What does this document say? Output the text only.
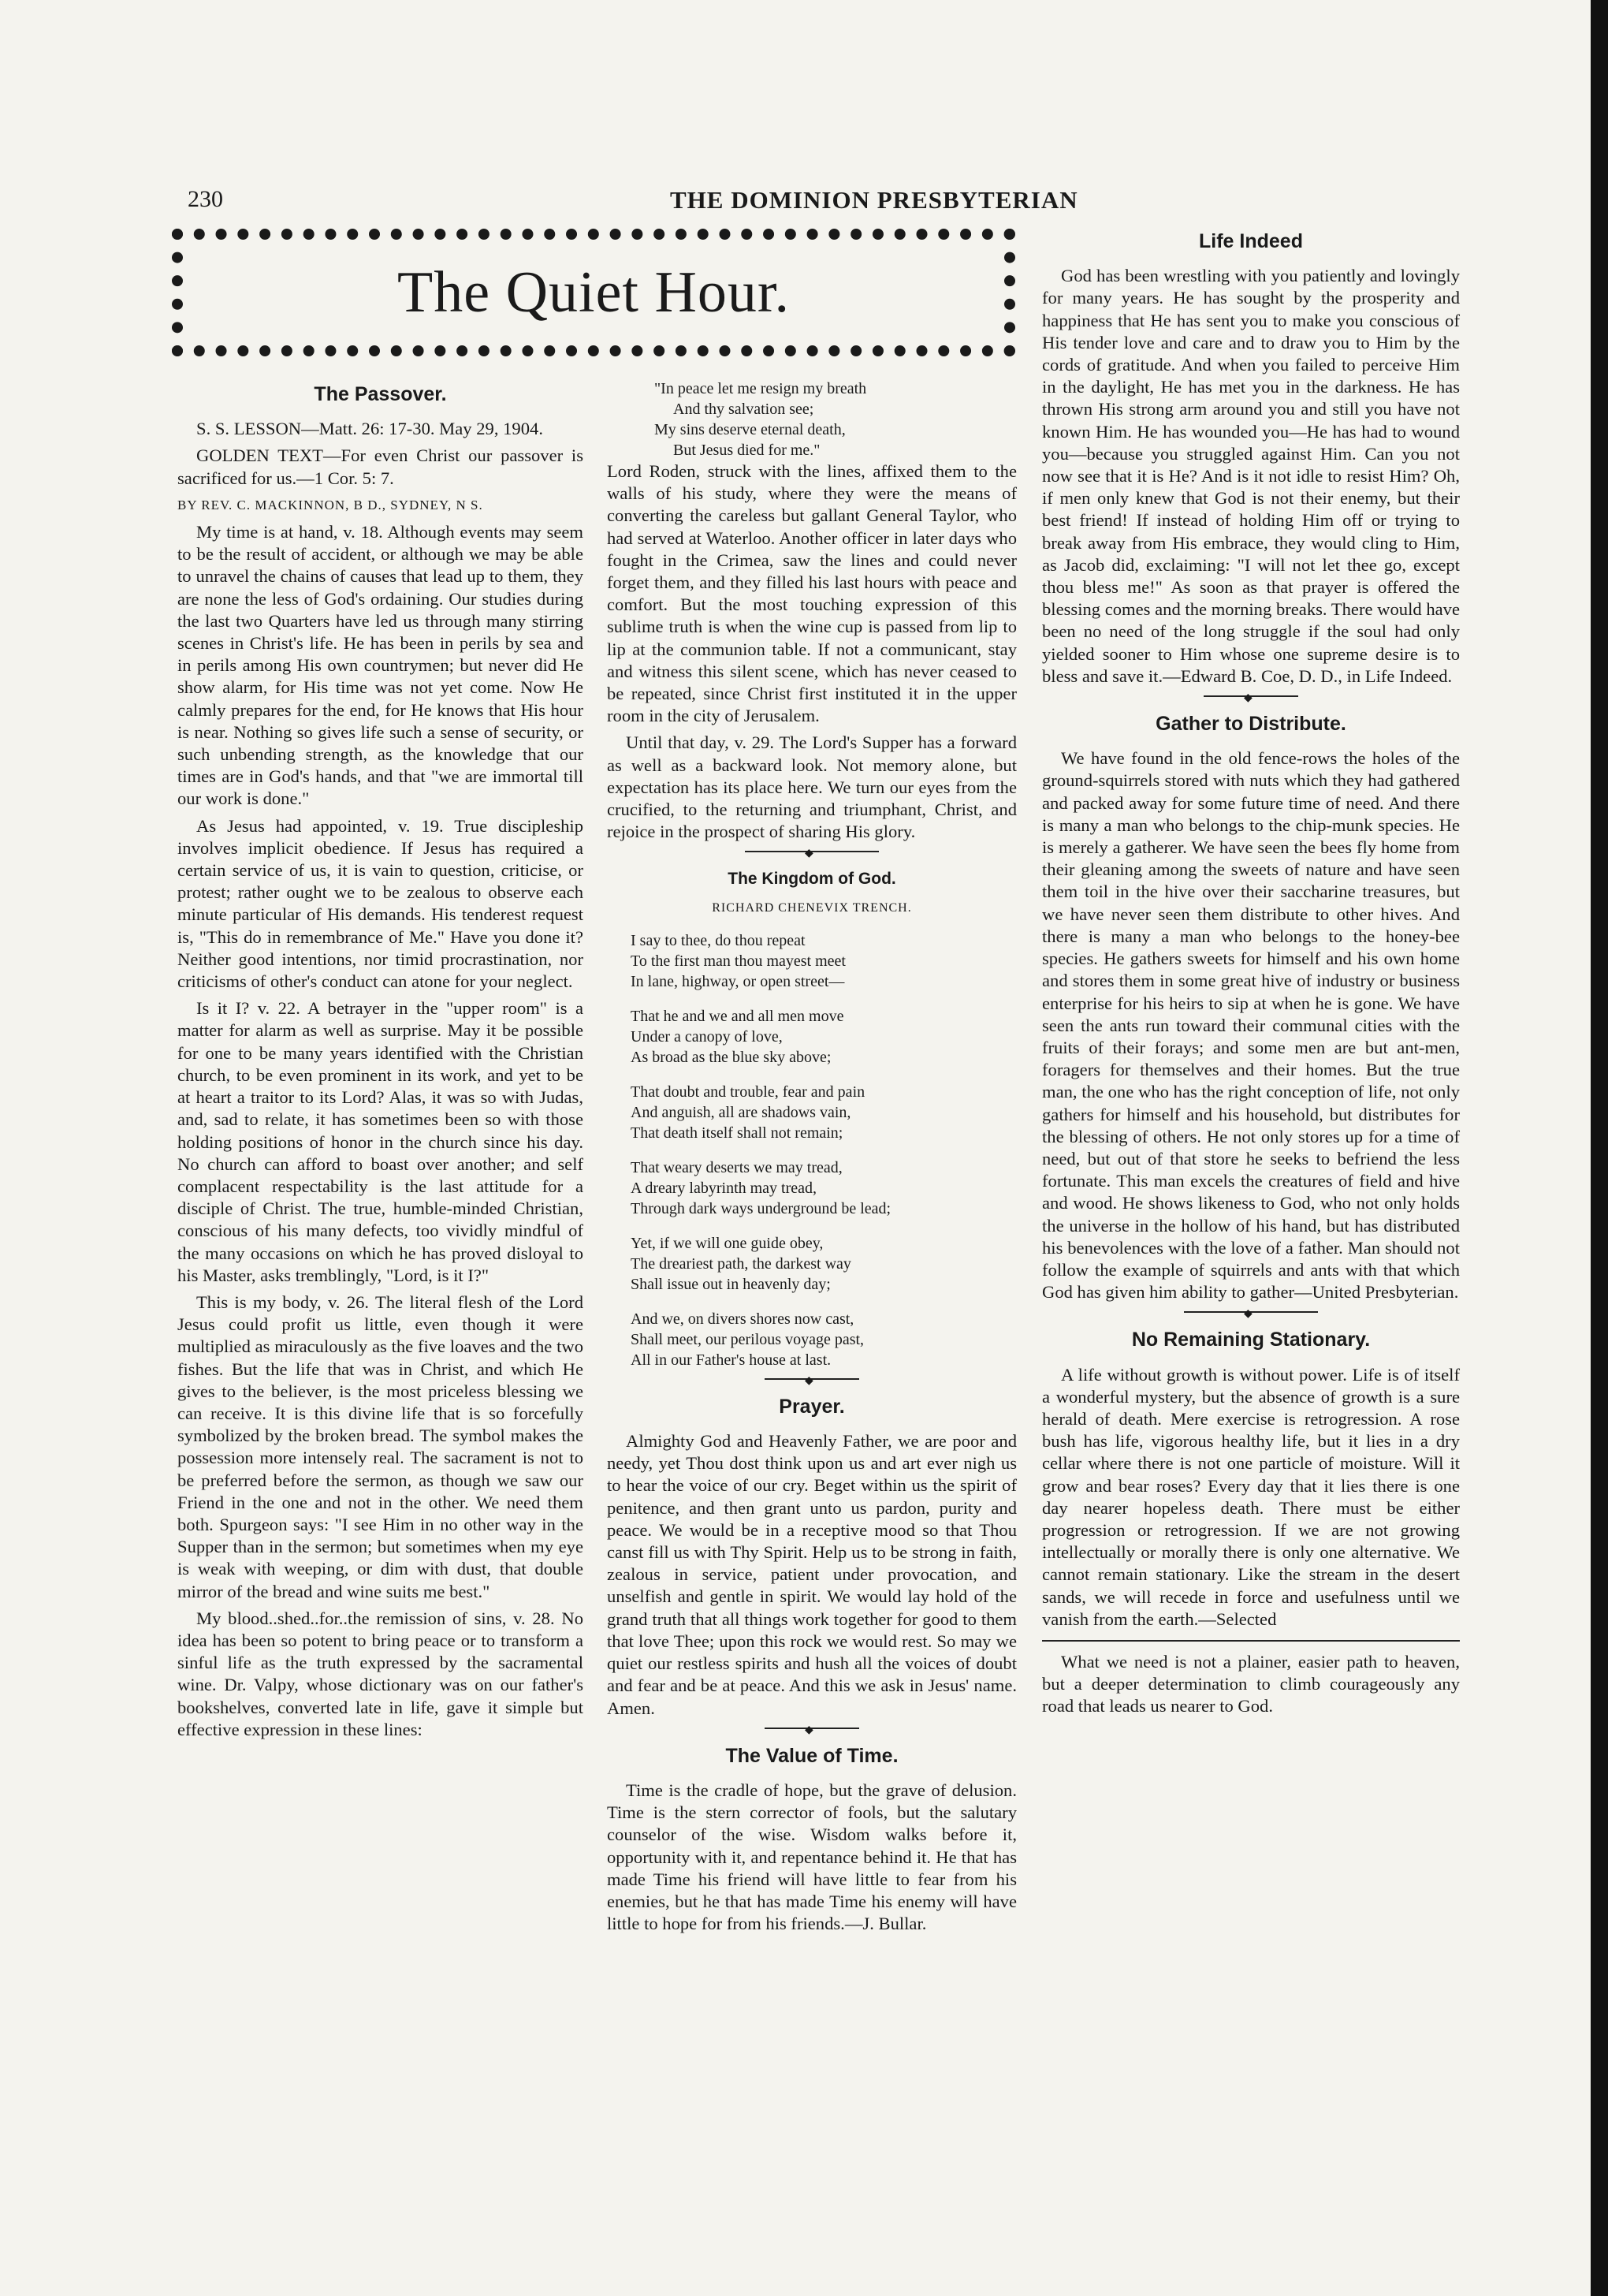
230	THE DOMINION PRESBYTERIAN
The Quiet Hour.
The Passover.

S. S. LESSON—Matt. 26: 17-30. May 29, 1904.

GOLDEN TEXT—For even Christ our passover is sacrificed for us.—1 Cor. 5: 7.

BY REV. C. MACKINNON, B D., SYDNEY, N S.

My time is at hand, v. 18. Although events may seem to be the result of accident, or although we may be able to unravel the chains of causes that lead up to them, they are none the less of God's ordaining. Our studies during the last two Quarters have led us through many stirring scenes in Christ's life. He has been in perils by sea and in perils among His own countrymen; but never did He show alarm, for His time was not yet come. Now He calmly prepares for the end, for He knows that His hour is near. Nothing so gives life such a sense of security, or such unbending strength, as the knowledge that our times are in God's hands, and that "we are immortal till our work is done."

As Jesus had appointed, v. 19. True discipleship involves implicit obedience. If Jesus has required a certain service of us, it is vain to question, criticise, or protest; rather ought we to be zealous to observe each minute particular of His demands. His tenderest request is, "This do in remembrance of Me." Have you done it? Neither good intentions, nor timid procrastination, nor criticisms of other's conduct can atone for your neglect.

Is it I? v. 22. A betrayer in the "upper room" is a matter for alarm as well as surprise. May it be possible for one to be many years identified with the Christian church, to be even prominent in its work, and yet to be at heart a traitor to its Lord? Alas, it was so with Judas, and, sad to relate, it has sometimes been so with those holding positions of honor in the church since his day. No church can afford to boast over another; and self complacent respectability is the last attitude for a disciple of Christ. The true, humble-minded Christian, conscious of his many defects, too vividly mindful of the many occasions on which he has proved disloyal to his Master, asks tremblingly, "Lord, is it I?"

This is my body, v. 26. The literal flesh of the Lord Jesus could profit us little, even though it were multiplied as miraculously as the five loaves and the two fishes. But the life that was in Christ, and which He gives to the believer, is the most priceless blessing we can receive. It is this divine life that is so forcefully symbolized by the broken bread. The symbol makes the possession more intensely real. The sacrament is not to be preferred before the sermon, as though we saw our Friend in the one and not in the other. We need them both. Spurgeon says: "I see Him in no other way in the Supper than in the sermon; but sometimes when my eye is weak with weeping, or dim with dust, that double mirror of the bread and wine suits me best."

My blood..shed..for..the remission of sins, v. 28. No idea has been so potent to bring peace or to transform a sinful life as the truth expressed by the sacramental wine. Dr. Valpy, whose dictionary was on our father's bookshelves, converted late in life, gave it simple but effective expression in these lines:

"In peace let me resign my breath
And thy salvation see;
My sins deserve eternal death,
But Jesus died for me."

Lord Roden, struck with the lines, affixed them to the walls of his study, where they were the means of converting the careless but gallant General Taylor, who had served at Waterloo. Another officer in later days who fought in the Crimea, saw the lines and could never forget them, and they filled his last hours with peace and comfort. But the most touching expression of this sublime truth is when the wine cup is passed from lip to lip at the communion table. If not a communicant, stay and witness this silent scene, which has never ceased to be repeated, since Christ first instituted it in the upper room in the city of Jerusalem.

Until that day, v. 29. The Lord's Supper has a forward as well as a backward look. Not memory alone, but expectation has its place here. We turn our eyes from the crucified, to the returning and triumphant, Christ, and rejoice in the prospect of sharing His glory.

◆
The Kingdom of God.
RICHARD CHENEVIX TRENCH.
I say to thee, do thou repeat
To the first man thou mayest meet
In lane, highway, or open street—
That he and we and all men move
Under a canopy of love,
As broad as the blue sky above;
That doubt and trouble, fear and pain
And anguish, all are shadows vain,
That death itself shall not remain;
That weary deserts we may tread,
A dreary labyrinth may tread,
Through dark ways underground be lead;
Yet, if we will one guide obey,
The dreariest path, the darkest way
Shall issue out in heavenly day;
And we, on divers shores now cast,
Shall meet, our perilous voyage past,
All in our Father's house at last.
◆
Prayer.

Almighty God and Heavenly Father, we are poor and needy, yet Thou dost think upon us and art ever nigh us to hear the voice of our cry. Beget within us the spirit of penitence, and then grant unto us pardon, purity and peace. We would be in a receptive mood so that Thou canst fill us with Thy Spirit. Help us to be strong in faith, zealous in service, patient under provocation, and unselfish and gentle in spirit. We would lay hold of the grand truth that all things work together for good to them that love Thee; upon this rock we would rest. So may we quiet our restless spirits and hush all the voices of doubt and fear and be at peace. And this we ask in Jesus' name. Amen.

◆
The Value of Time.

Time is the cradle of hope, but the grave of delusion. Time is the stern corrector of fools, but the salutary counselor of the wise. Wisdom walks before it, opportunity with it, and repentance behind it. He that has made Time his friend will have little to fear from his enemies, but he that has made Time his enemy will have little to hope for from his friends.—J. Bullar.

Life Indeed

God has been wrestling with you patiently and lovingly for many years. He has sought by the prosperity and happiness that He has sent you to make you conscious of His tender love and care and to draw you to Him by the cords of gratitude. And when you failed to perceive Him in the daylight, He has met you in the darkness. He has thrown His strong arm around you and still you have not known Him. He has wounded you—He has had to wound you—because you struggled against Him. Can you not now see that it is He? And is it not idle to resist Him? Oh, if men only knew that God is not their enemy, but their best friend! If instead of holding Him off or trying to break away from His embrace, they would cling to Him, as Jacob did, exclaiming: "I will not let thee go, except thou bless me!" As soon as that prayer is offered the blessing comes and the morning breaks. There would have been no need of the long struggle if the soul had only yielded sooner to Him whose one supreme desire is to bless and save it.—Edward B. Coe, D. D., in Life Indeed.

◆
Gather to Distribute.

We have found in the old fence-rows the holes of the ground-squirrels stored with nuts which they had gathered and packed away for some future time of need. And there is many a man who belongs to the chip-munk species. He is merely a gatherer. We have seen the bees fly home from their gleaning among the sweets of nature and have seen them toil in the hive over their saccharine treasures, but we have never seen them distribute to other hives. And there is many a man who belongs to the honey-bee species. He gathers sweets for himself and his own home and stores them in some great hive of industry or business enterprise for his heirs to sip at when he is gone. We have seen the ants run toward their communal cities with the fruits of their forays; and some men are but ant-men, foragers for themselves and their homes. But the true man, the one who has the right conception of life, not only gathers for himself and his household, but distributes for the blessing of others. He not only stores up for a time of need, but out of that store he seeks to befriend the less fortunate. This man excels the creatures of field and hive and wood. He shows likeness to God, who not only holds the universe in the hollow of his hand, but has distributed his benevolences with the love of a father. Man should not follow the example of squirrels and ants with that which God has given him ability to gather—United Presbyterian.

◆
No Remaining Stationary.

A life without growth is without power. Life is of itself a wonderful mystery, but the absence of growth is a sure herald of death. Mere exercise is retrogression. A rose bush has life, vigorous healthy life, but it lies in a dry cellar where there is not one particle of moisture. Will it grow and bear roses? Every day that it lies there is one day nearer hopeless death. There must be either progression or retrogression. If we are not growing intellectually or morally there is only one alternative. We cannot remain stationary. Like the stream in the desert sands, we will recede in force and usefulness until we vanish from the earth.—Selected

What we need is not a plainer, easier path to heaven, but a deeper determination to climb courageously any road that leads us nearer to God.
